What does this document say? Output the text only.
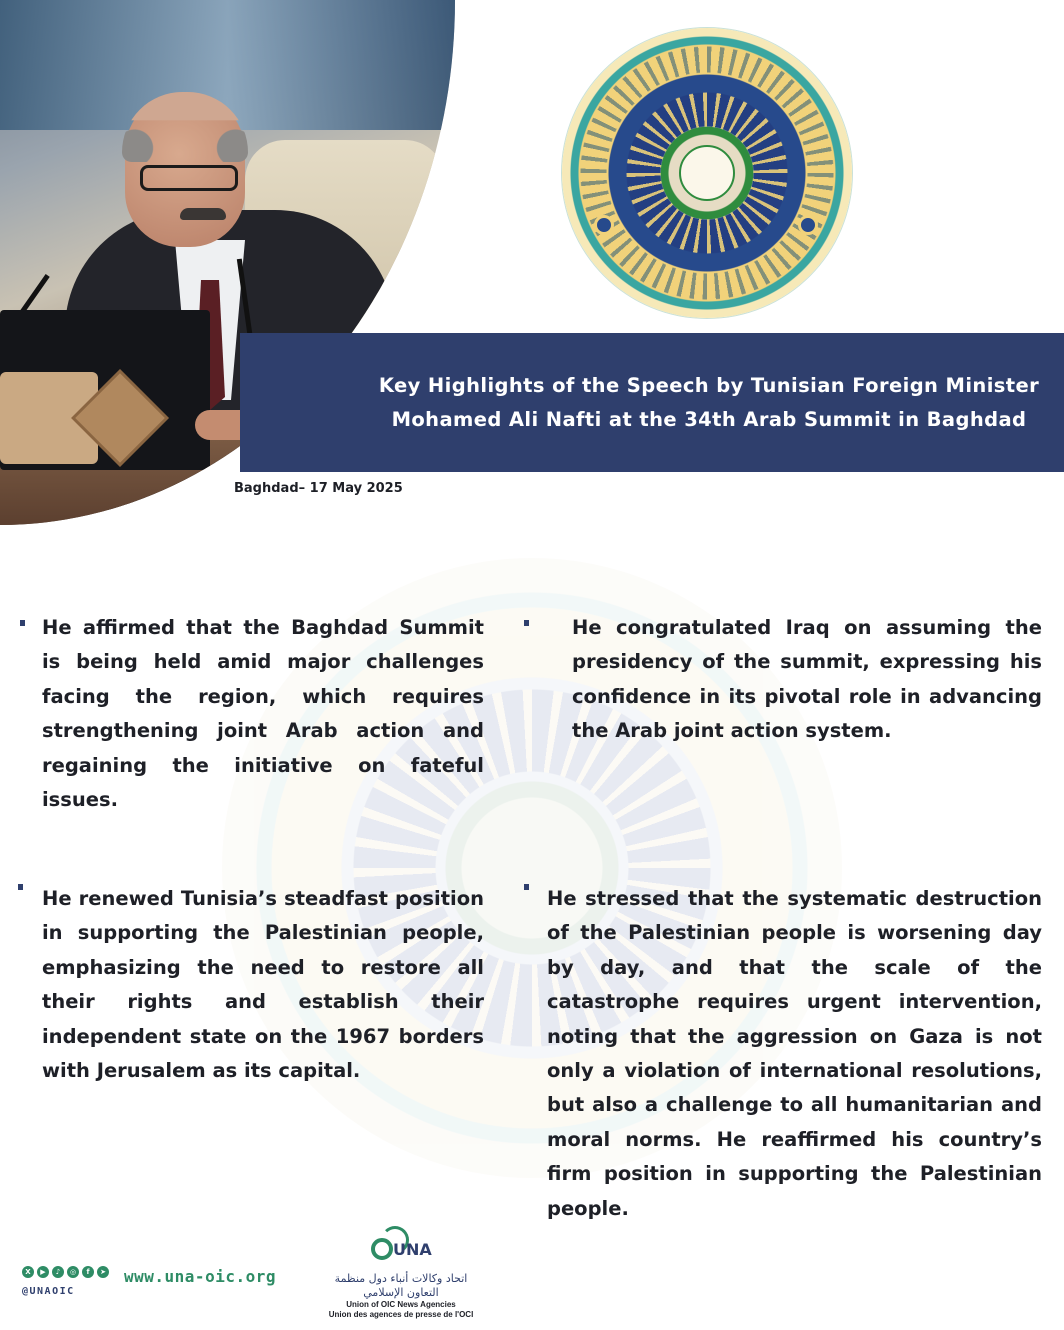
Key Highlights of the Speech by Tunisian Foreign Minister Mohamed Ali Nafti at the 34th Arab Summit in Baghdad
Baghdad– 17 May 2025

He affirmed that the Baghdad Summit is being held amid major challenges facing the region, which requires strengthening joint Arab action and regaining the initiative on fateful issues.

He congratulated Iraq on assuming the presidency of the summit, expressing his confidence in its pivotal role in advancing the Arab joint action system.

He renewed Tunisia’s steadfast position in supporting the Palestinian people, emphasizing the need to restore all their rights and establish their independent state on the 1967 borders with Jerusalem as its capital.

He stressed that the systematic destruction of the Palestinian people is worsening day by day, and that the scale of the catastrophe requires urgent intervention, noting that the aggression on Gaza is not only a violation of international resolutions, but also a challenge to all humanitarian and moral norms. He reaffirmed his country’s firm position in supporting the Palestinian people.

X	▶	♪	◎	f	➤
@UNAOIC
www.una-oic.org
UNA
اتحاد وكالات أنباء دول منظمة التعاون الإسلامي
Union of OIC News Agencies
Union des agences de presse de l'OCI
